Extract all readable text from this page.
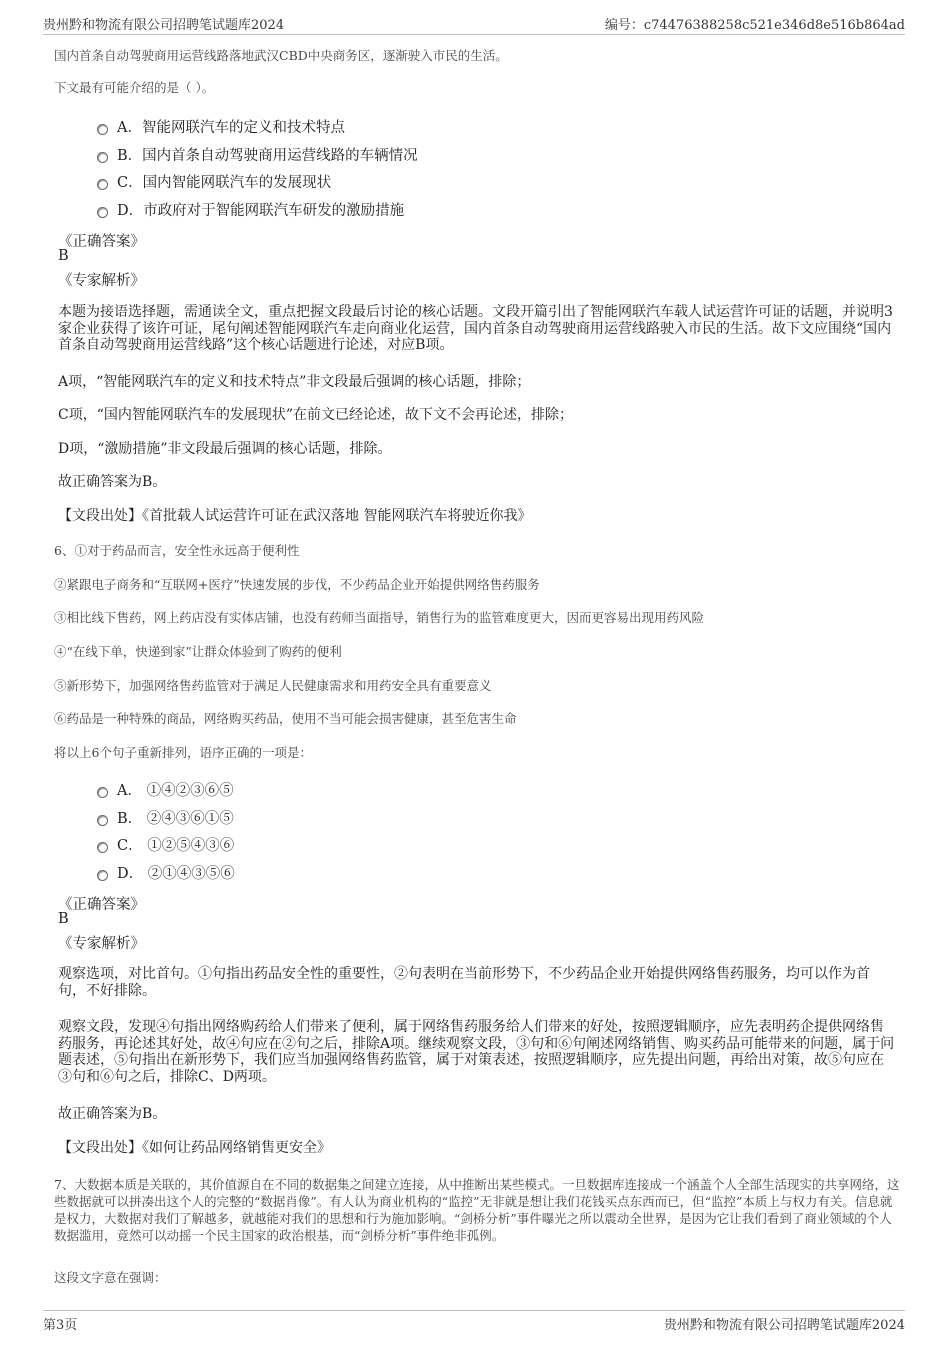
贵州黔和物流有限公司招聘笔试题库2024	编号：c74476388258c521e346d8e516b864ad
国内首条自动驾驶商用运营线路落地武汉CBD中央商务区，逐渐驶入市民的生活。
下文最有可能介绍的是（ ）。
A．智能网联汽车的定义和技术特点
B．国内首条自动驾驶商用运营线路的车辆情况
C．国内智能网联汽车的发展现状
D．市政府对于智能网联汽车研发的激励措施
《正确答案》
B
《专家解析》
本题为接语选择题，需通读全文，重点把握文段最后讨论的核心话题。文段开篇引出了智能网联汽车载人试运营许可证的话题，并说明3家企业获得了该许可证，尾句阐述智能网联汽车走向商业化运营，国内首条自动驾驶商用运营线路驶入市民的生活。故下文应围绕“国内首条自动驾驶商用运营线路”这个核心话题进行论述，对应B项。
A项，“智能网联汽车的定义和技术特点”非文段最后强调的核心话题，排除；
C项，“国内智能网联汽车的发展现状”在前文已经论述，故下文不会再论述，排除；
D项，“激励措施”非文段最后强调的核心话题，排除。
故正确答案为B。
【文段出处】《首批载人试运营许可证在武汉落地 智能网联汽车将驶近你我》
6、①对于药品而言，安全性永远高于便利性
②紧跟电子商务和“互联网+医疗”快速发展的步伐，不少药品企业开始提供网络售药服务
③相比线下售药，网上药店没有实体店铺，也没有药师当面指导，销售行为的监管难度更大，因而更容易出现用药风险
④“在线下单，快递到家”让群众体验到了购药的便利
⑤新形势下，加强网络售药监管对于满足人民健康需求和用药安全具有重要意义
⑥药品是一种特殊的商品，网络购买药品，使用不当可能会损害健康，甚至危害生命
将以上6个句子重新排列，语序正确的一项是：
A． ①④②③⑥⑤
B． ②④③⑥①⑤
C． ①②⑤④③⑥
D． ②①④③⑤⑥
《正确答案》
B
《专家解析》
观察选项，对比首句。①句指出药品安全性的重要性，②句表明在当前形势下，不少药品企业开始提供网络售药服务，均可以作为首句，不好排除。
观察文段，发现④句指出网络购药给人们带来了便利，属于网络售药服务给人们带来的好处，按照逻辑顺序，应先表明药企提供网络售药服务，再论述其好处，故④句应在②句之后，排除A项。继续观察文段，③句和⑥句阐述网络销售、购买药品可能带来的问题，属于问题表述，⑤句指出在新形势下，我们应当加强网络售药监管，属于对策表述，按照逻辑顺序，应先提出问题，再给出对策，故⑤句应在③句和⑥句之后，排除C、D两项。
故正确答案为B。
【文段出处】《如何让药品网络销售更安全》
7、大数据本质是关联的，其价值源自在不同的数据集之间建立连接，从中推断出某些模式。一旦数据库连接成一个涵盖个人全部生活现实的共享网络，这些数据就可以拼凑出这个人的完整的“数据肖像”。有人认为商业机构的“监控”无非就是想让我们花钱买点东西而已，但“监控”本质上与权力有关。信息就是权力，大数据对我们了解越多，就越能对我们的思想和行为施加影响。“剑桥分析”事件曝光之所以震动全世界，是因为它让我们看到了商业领域的个人数据滥用，竟然可以动摇一个民主国家的政治根基，而“剑桥分析”事件绝非孤例。
这段文字意在强调：
第3页	贵州黔和物流有限公司招聘笔试题库2024
